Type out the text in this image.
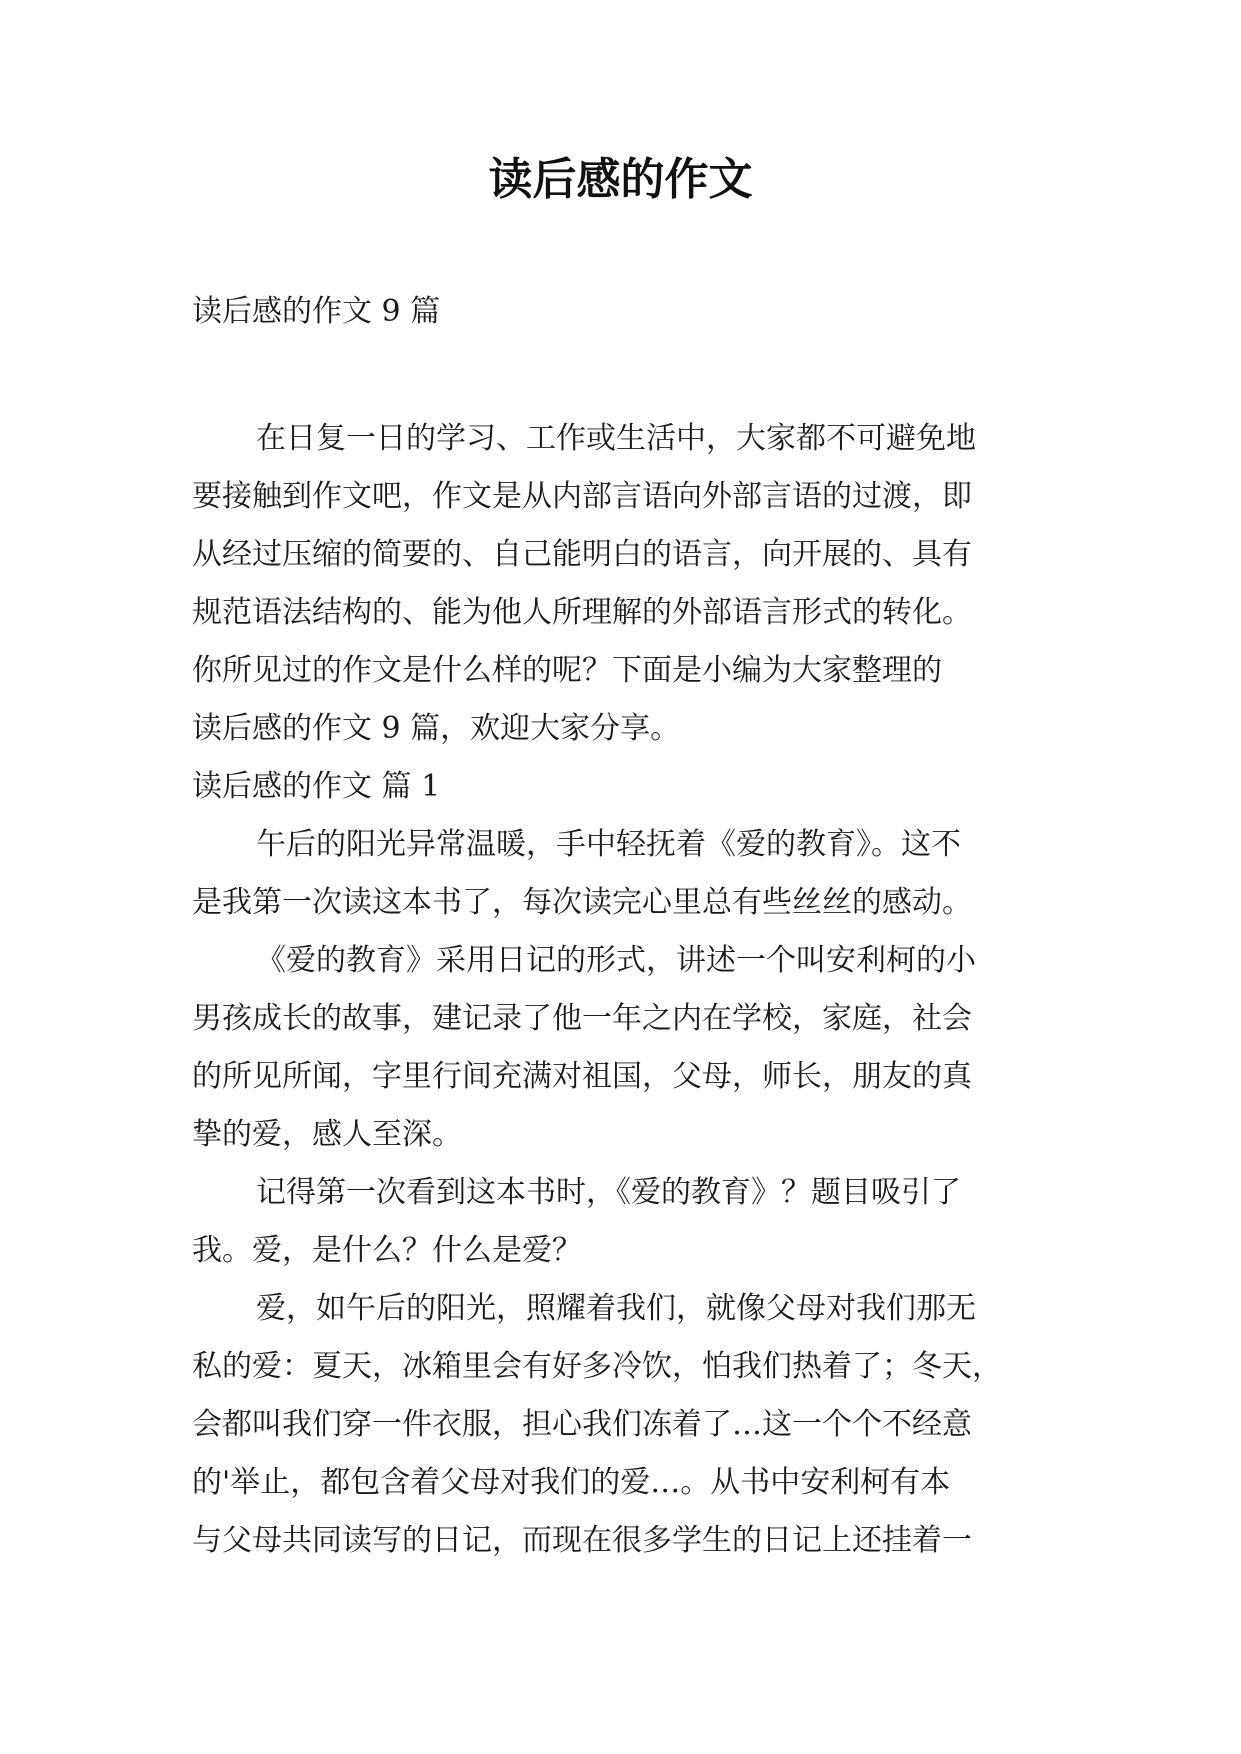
读后感的作文

读后感的作文 9 篇

在日复一日的学习、工作或生活中，大家都不可避免地
要接触到作文吧，作文是从内部言语向外部言语的过渡，即
从经过压缩的简要的、自己能明白的语言，向开展的、具有
规范语法结构的、能为他人所理解的外部语言形式的转化。
你所见过的作文是什么样的呢？下面是小编为大家整理的
读后感的作文 9 篇，欢迎大家分享。

读后感的作文 篇 1

午后的阳光异常温暖，手中轻抚着《爱的教育》。这不
是我第一次读这本书了，每次读完心里总有些丝丝的感动。

《爱的教育》采用日记的形式，讲述一个叫安利柯的小
男孩成长的故事，建记录了他一年之内在学校，家庭，社会
的所见所闻，字里行间充满对祖国，父母，师长，朋友的真
挚的爱，感人至深。

记得第一次看到这本书时，《爱的教育》？题目吸引了
我。爱，是什么？什么是爱？

爱，如午后的阳光，照耀着我们，就像父母对我们那无
私的爱：夏天，冰箱里会有好多冷饮，怕我们热着了；冬天，
会都叫我们穿一件衣服，担心我们冻着了…这一个个不经意
的'举止，都包含着父母对我们的爱…。从书中安利柯有本
与父母共同读写的日记，而现在很多学生的日记上还挂着一
